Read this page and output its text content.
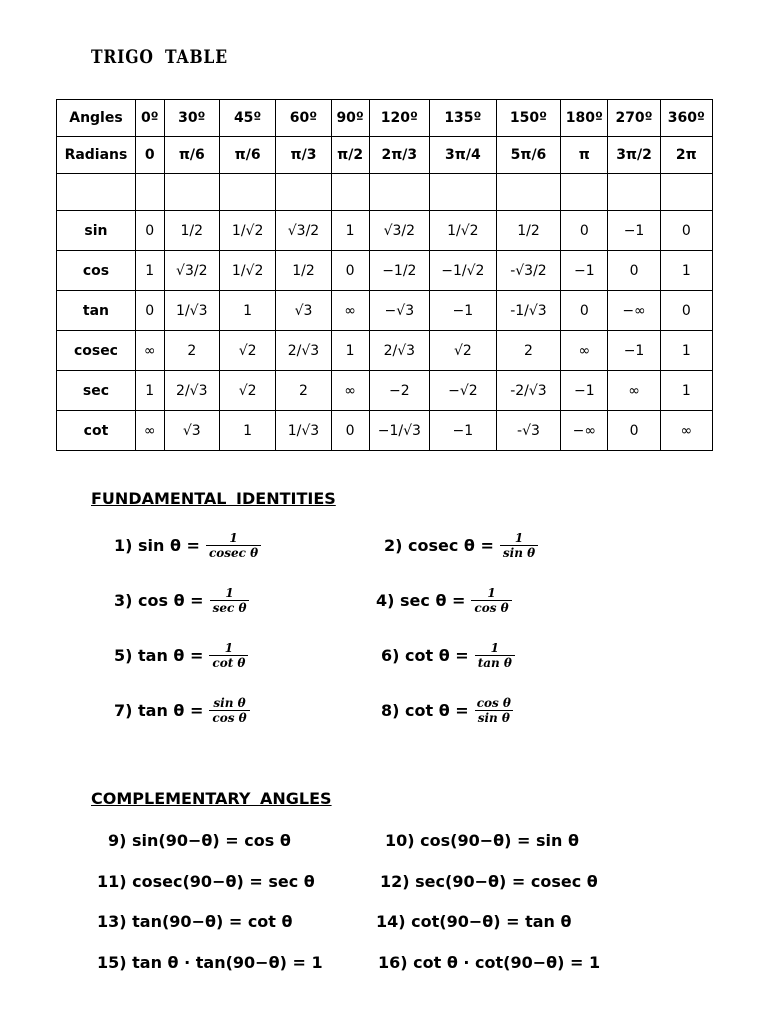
TRIGO TABLE
Angles	0º	30º	45º	60º	90º	120º	135º	150º	180º	270º	360º
Radians	0	π/6	π/6	π/3	π/2	2π/3	3π/4	5π/6	π	3π/2	2π

sin	0	1/2	1/√2	√3/2	1	√3/2	1/√2	1/2	0	−1	0
cos	1	√3/2	1/√2	1/2	0	−1/2	−1/√2	-√3/2	−1	0	1
tan	0	1/√3	1	√3	∞	−√3	−1	-1/√3	0	−∞	0
cosec	∞	2	√2	2/√3	1	2/√3	√2	2	∞	−1	1
sec	1	2/√3	√2	2	∞	−2	−√2	-2/√3	−1	∞	1
cot	∞	√3	1	1/√3	0	−1/√3	−1	-√3	−∞	0	∞
FUNDAMENTAL IDENTITIES
1) $\sin \theta = \frac{1}{\text{cosec θ}}$	2) cosec $\theta = \frac{1}{\text{sin θ}}$
3) $\cos \theta = \frac{1}{\text{sec θ}}$	4) $\sec \theta = \frac{1}{\text{cos θ}}$
5) $\tan \theta = \frac{1}{\text{cot θ}}$	6) $\cot \theta = \frac{1}{\text{tan θ}}$
7) $\tan \theta = \frac{\text{sin θ}}{\text{cos θ}}$	8) $\cot \theta = \frac{\text{cos θ}}{\text{sin θ}}$
COMPLEMENTARY ANGLES
9) sin(90−θ) = cos θ	10) cos(90−θ) = sin θ
11) cosec(90−θ) = sec θ	12) sec(90−θ) = cosec θ
13) tan(90−θ) = cot θ	14) cot(90−θ) = tan θ
15) tan θ · tan(90−θ) = 1	16) cot θ · cot(90−θ) = 1
